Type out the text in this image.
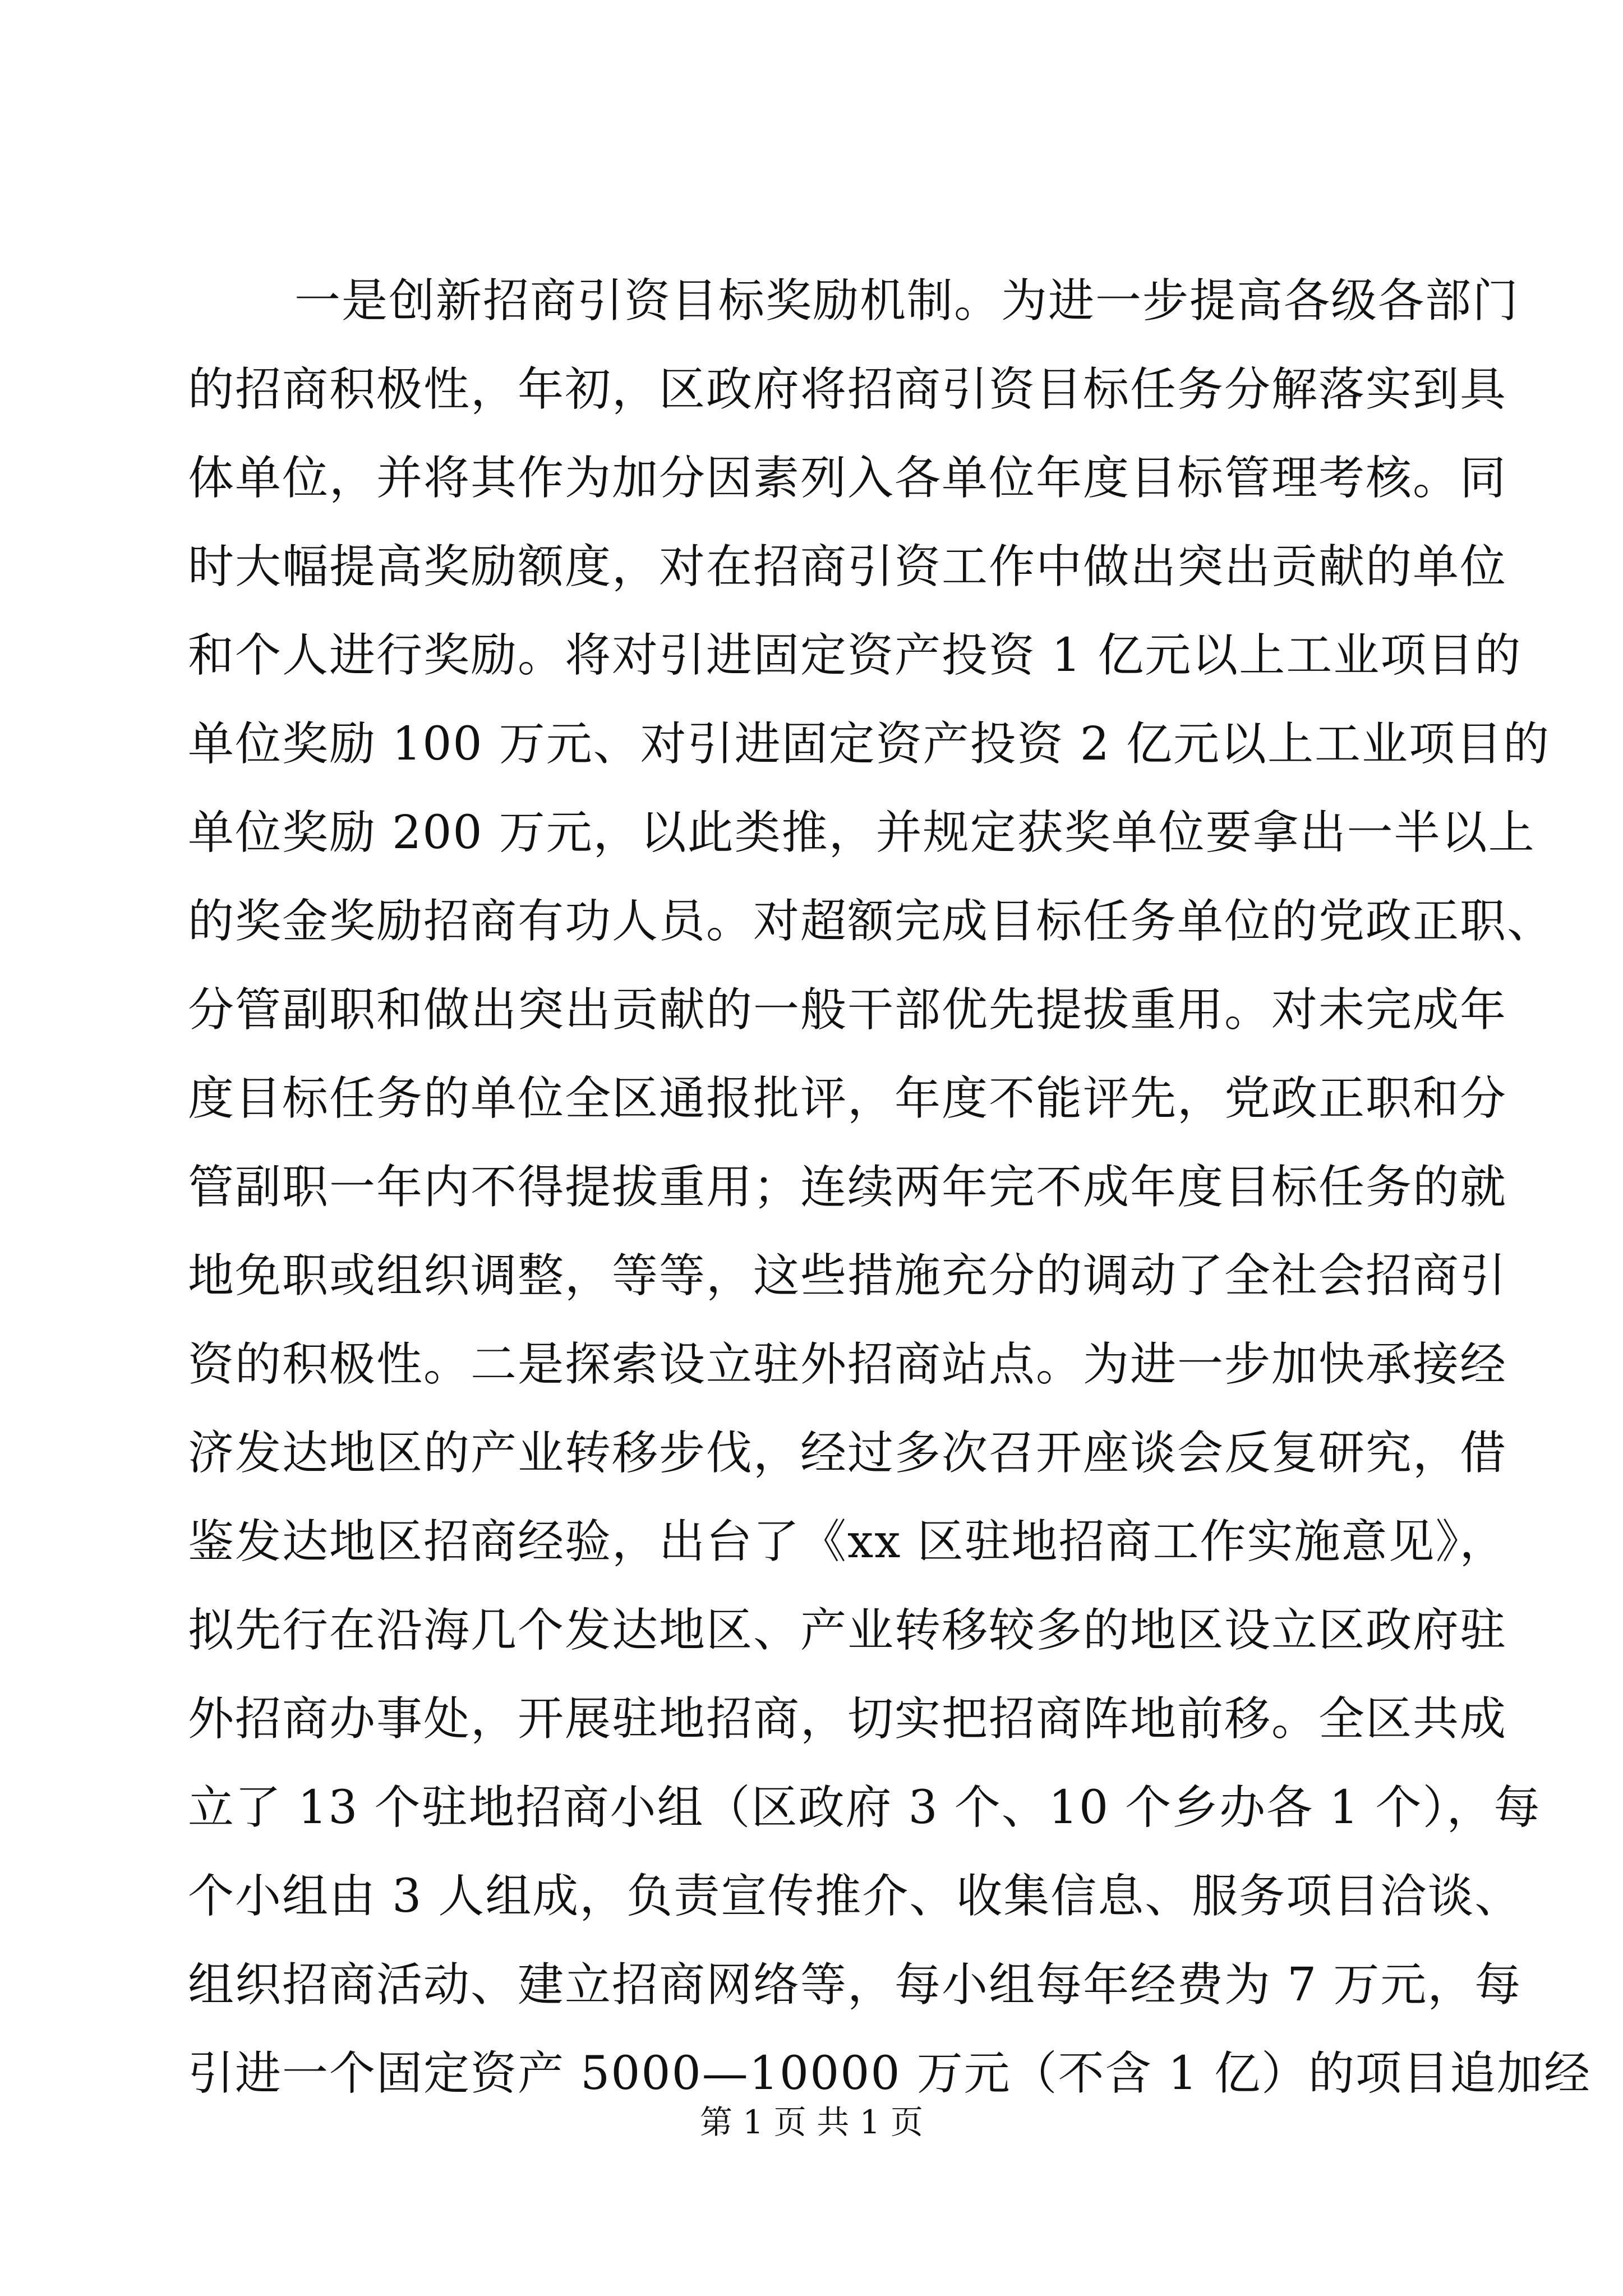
一是创新招商引资目标奖励机制。为进一步提高各级各部门
的招商积极性，年初，区政府将招商引资目标任务分解落实到具
体单位，并将其作为加分因素列入各单位年度目标管理考核。同
时大幅提高奖励额度，对在招商引资工作中做出突出贡献的单位
和个人进行奖励。将对引进固定资产投资 1 亿元以上工业项目的
单位奖励 100 万元、对引进固定资产投资 2 亿元以上工业项目的
单位奖励 200 万元，以此类推，并规定获奖单位要拿出一半以上
的奖金奖励招商有功人员。对超额完成目标任务单位的党政正职、
分管副职和做出突出贡献的一般干部优先提拔重用。对未完成年
度目标任务的单位全区通报批评，年度不能评先，党政正职和分
管副职一年内不得提拔重用；连续两年完不成年度目标任务的就
地免职或组织调整，等等，这些措施充分的调动了全社会招商引
资的积极性。二是探索设立驻外招商站点。为进一步加快承接经
济发达地区的产业转移步伐，经过多次召开座谈会反复研究，借
鉴发达地区招商经验，出台了《xx 区驻地招商工作实施意见》，
拟先行在沿海几个发达地区、产业转移较多的地区设立区政府驻
外招商办事处，开展驻地招商，切实把招商阵地前移。全区共成
立了 13 个驻地招商小组（区政府 3 个、10 个乡办各 1 个），每
个小组由 3 人组成，负责宣传推介、收集信息、服务项目洽谈、
组织招商活动、建立招商网络等，每小组每年经费为 7 万元，每
引进一个固定资产 5000—10000 万元（不含 1 亿）的项目追加经
第 1 页 共 1 页
